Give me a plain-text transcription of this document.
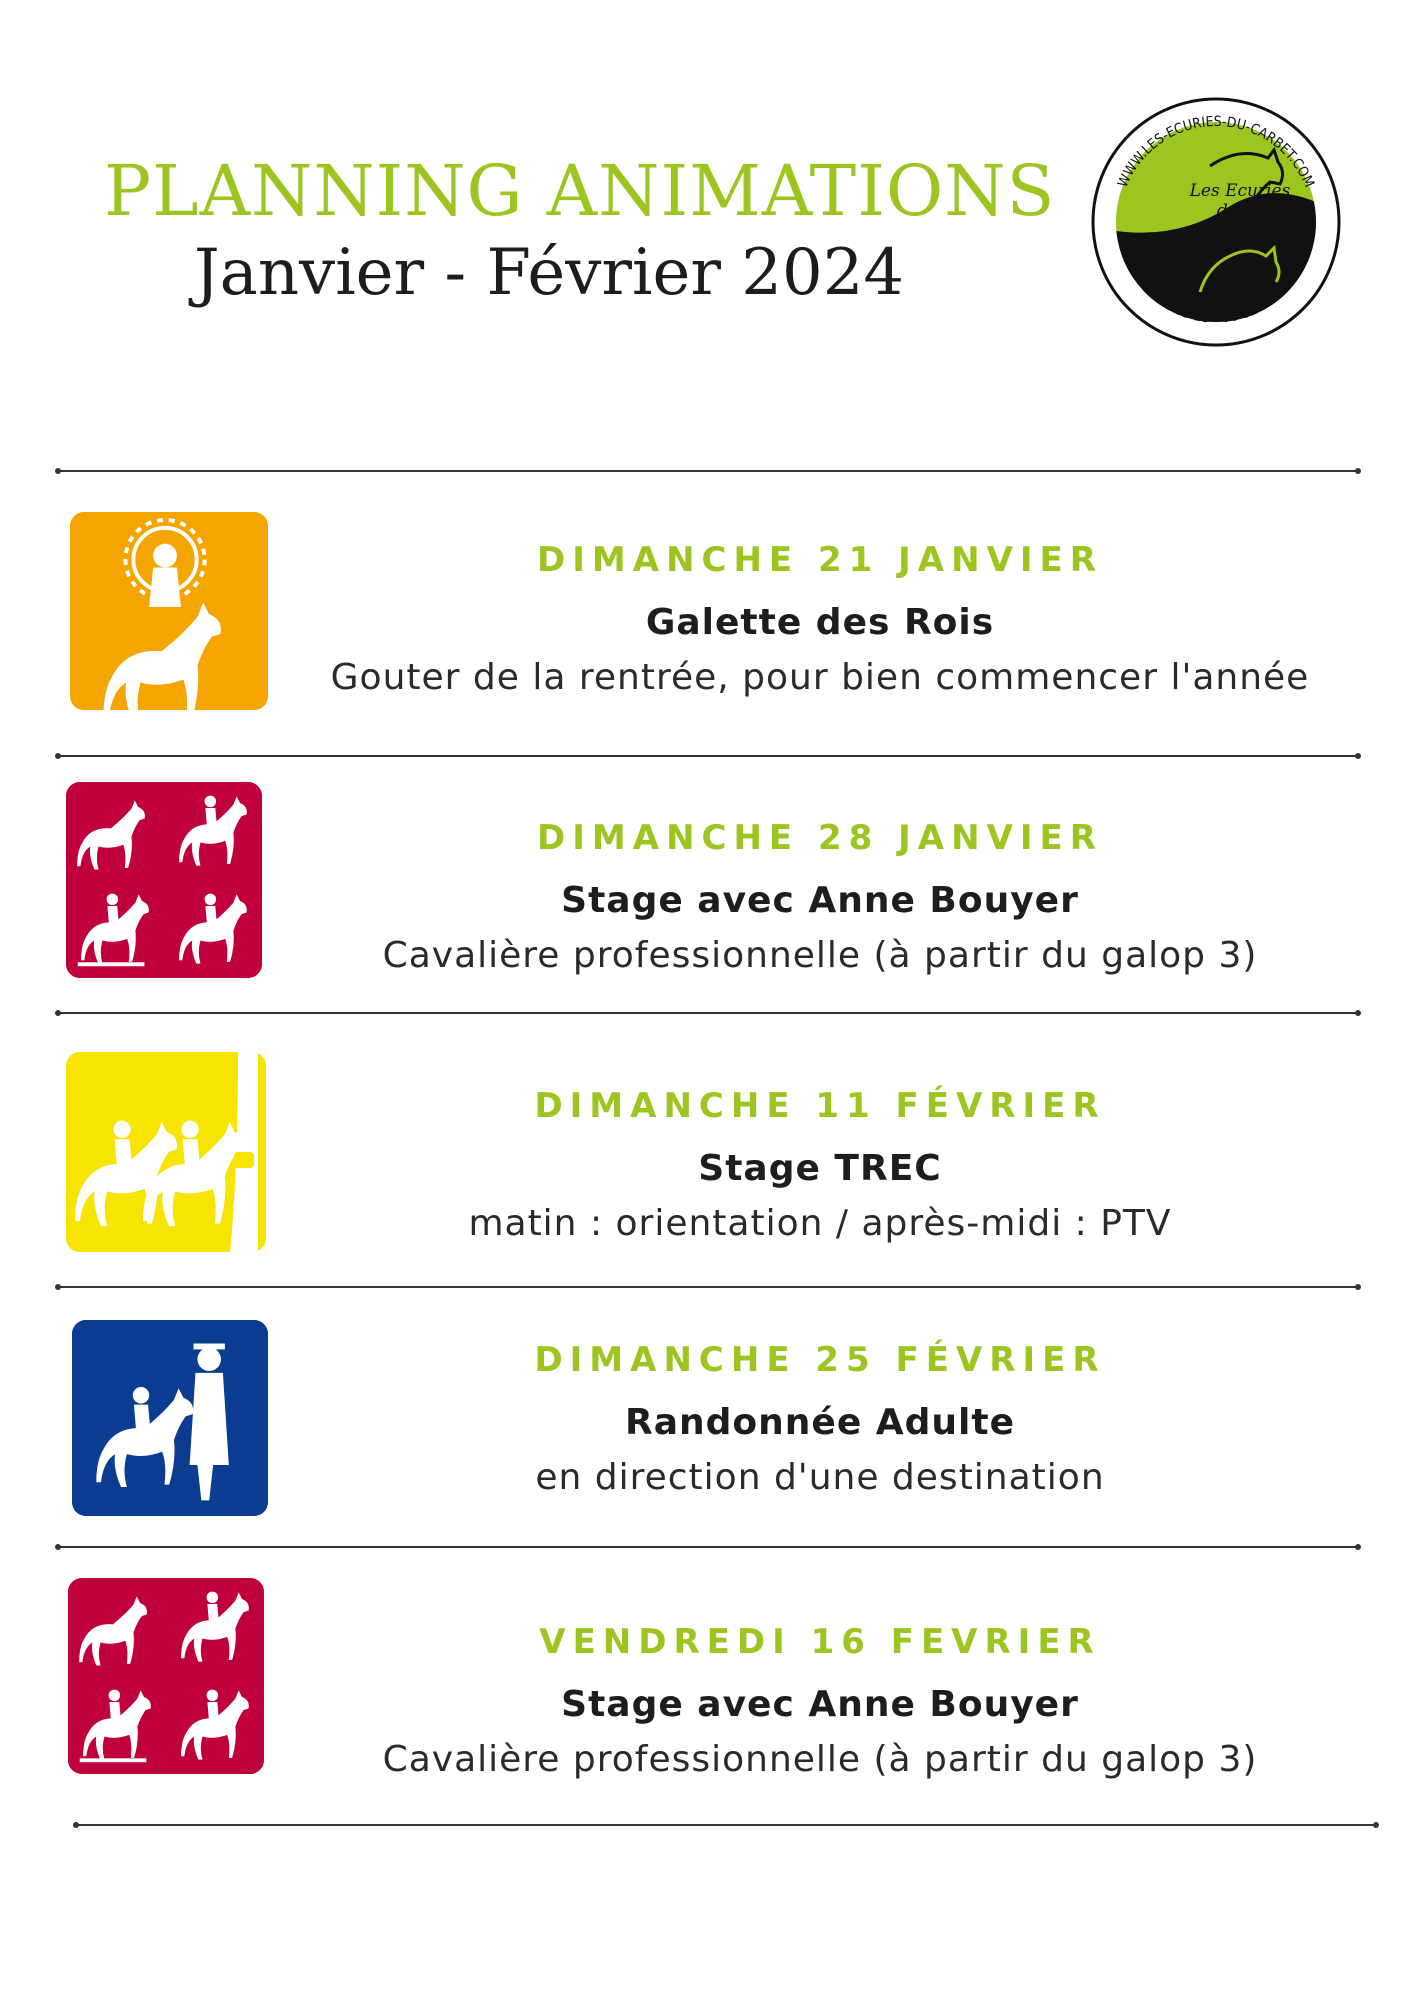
PLANNING ANIMATIONS
Janvier - Février 2024
WWW.LES-ECURIES-DU-CARBET.COM
05 46 76 05 23 - 06 82 99 93 34
Les Ecuries
du Carbet
ST TROJAN LES BAINS
DIMANCHE 21 JANVIER
Galette des Rois
Gouter de la rentrée, pour bien commencer l'année
DIMANCHE 28 JANVIER
Stage avec Anne Bouyer
Cavalière professionnelle (à partir du galop 3)
DIMANCHE 11 FÉVRIER
Stage TREC
matin : orientation / après-midi : PTV
DIMANCHE 25 FÉVRIER
Randonnée Adulte
en direction d'une destination
VENDREDI 16 FEVRIER
Stage avec Anne Bouyer
Cavalière professionnelle (à partir du galop 3)
